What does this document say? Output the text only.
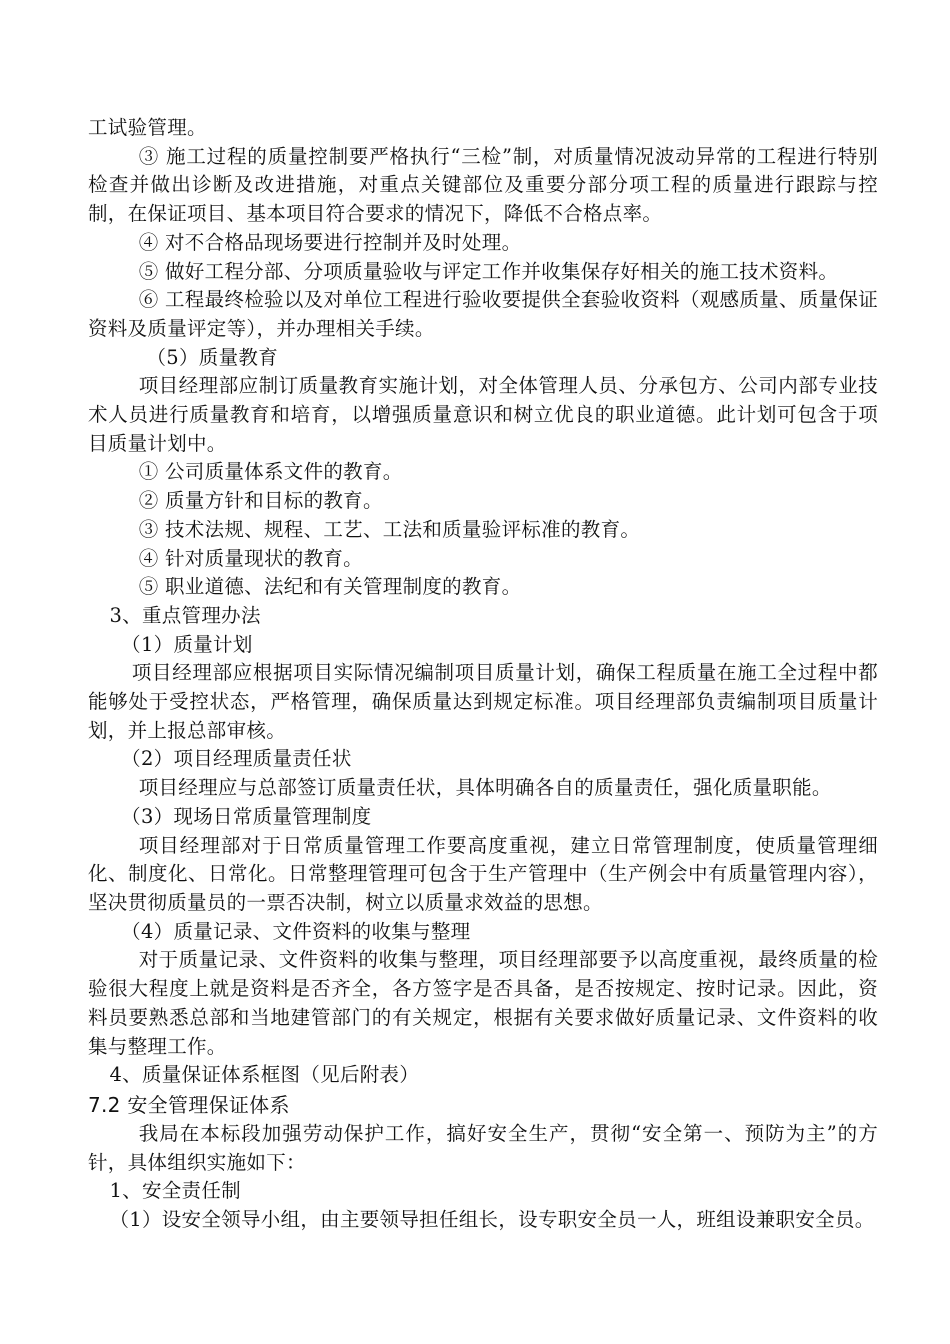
工试验管理。

③ 施工过程的质量控制要严格执行“三检”制，对质量情况波动异常的工程进行特别检查并做出诊断及改进措施，对重点关键部位及重要分部分项工程的质量进行跟踪与控制，在保证项目、基本项目符合要求的情况下，降低不合格点率。

④ 对不合格品现场要进行控制并及时处理。

⑤ 做好工程分部、分项质量验收与评定工作并收集保存好相关的施工技术资料。

⑥ 工程最终检验以及对单位工程进行验收要提供全套验收资料（观感质量、质量保证资料及质量评定等），并办理相关手续。

（5）质量教育

项目经理部应制订质量教育实施计划，对全体管理人员、分承包方、公司内部专业技术人员进行质量教育和培育，以增强质量意识和树立优良的职业道德。此计划可包含于项目质量计划中。

① 公司质量体系文件的教育。

② 质量方针和目标的教育。

③ 技术法规、规程、工艺、工法和质量验评标准的教育。

④ 针对质量现状的教育。

⑤ 职业道德、法纪和有关管理制度的教育。

3、重点管理办法

（1）质量计划

项目经理部应根据项目实际情况编制项目质量计划，确保工程质量在施工全过程中都能够处于受控状态，严格管理，确保质量达到规定标准。项目经理部负责编制项目质量计划，并上报总部审核。

（2）项目经理质量责任状

项目经理应与总部签订质量责任状，具体明确各自的质量责任，强化质量职能。

（3）现场日常质量管理制度

项目经理部对于日常质量管理工作要高度重视，建立日常管理制度，使质量管理细化、制度化、日常化。日常整理管理可包含于生产管理中（生产例会中有质量管理内容），坚决贯彻质量员的一票否决制，树立以质量求效益的思想。

（4）质量记录、文件资料的收集与整理

对于质量记录、文件资料的收集与整理，项目经理部要予以高度重视，最终质量的检验很大程度上就是资料是否齐全，各方签字是否具备，是否按规定、按时记录。因此，资料员要熟悉总部和当地建管部门的有关规定，根据有关要求做好质量记录、文件资料的收集与整理工作。

4、质量保证体系框图（见后附表）

7.2 安全管理保证体系

我局在本标段加强劳动保护工作，搞好安全生产，贯彻“安全第一、预防为主”的方针，具体组织实施如下：

1、安全责任制

（1）设安全领导小组，由主要领导担任组长，设专职安全员一人，班组设兼职安全员。
